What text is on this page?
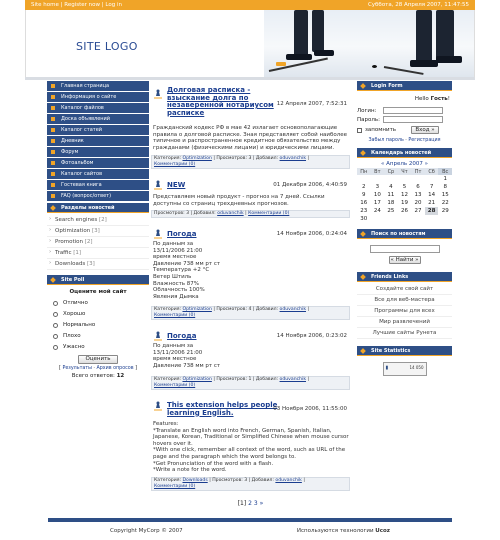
Site home | Register now | Log in	Суббота, 28 Апреля 2007, 11:47:55
SITE LOGO
Главная страница
Информация о сайте
Каталог файлов
Доска объявлений
Каталог статей
Дневник
Форум
Фотоальбом
Каталог сайтов
Гостевая книга
FAQ (вопрос/ответ)
Разделы новостей
› Search engines [2]
› Optimization [3]
› Promotion [2]
› Traffic [1]
› Downloads [3]
Site Poll
Оцените мой сайт
Отлично
Хорошо
Нормально
Плохо
Ужасно
Оценить
[ Результаты · Архив опросов ]
Всего ответов: 12
Долговая расписка - взыскание долга по незаверенной нотариусом расписке
12 Апреля 2007, 7:52:31
Гражданский кодекс РФ в мае 42 излагает основополагающие правила о долговой расписке. Зная представляет собой наиболее типичное и распространенное кредитное обязательство между гражданами (физическими лицами) и юридическими лицами.
Категория: Optimization | Просмотров: 3 | Добавил: oduvanchik |
Комментарии (0)
NEW	01 Декабря 2006, 4:40:59
Представляем новый продукт - прогноз на 7 дней. Ссылки доступны со страниц трехдневных прогнозов.
Просмотров: 3 | Добавил: oduvanchik | Комментарии (0)
Погода	14 Ноября 2006, 0:24:04
По данным за
13/11/2006 21:00
время местное
Давление 738 мм рт ст
Температура +2 °C
Ветер Штиль
Влажность 87%
Облачность 100%
Явления Дымка
Категория: Optimization | Просмотров: 4 | Добавил: oduvanchik |
Комментарии (0)
Погода	14 Ноября 2006, 0:23:02
По данным за
13/11/2006 21:00
время местное
Давление 738 мм рт ст
Категория: Optimization | Просмотров: 1 | Добавил: oduvanchik |
Комментарии (0)
This extension helps people learning English.	03 Ноября 2006, 11:55:00
Features:
*Translate an English word into French, German, Spanish, Italian, Japanese, Korean, Traditional or Simplified Chinese when mouse cursor hovers over it.
*With one click, remember all context of the word, such as URL of the page and the paragraph which the word belongs to.
*Get Pronunciation of the word with a flash.
*Write a note for the word.
Категория: Downloads | Просмотров: 3 | Добавил: oduvanchik |
Комментарии (0)
[1] 2 3 »
Login Form
Hello Гость!
Логин:
Пароль:
запомнить	Вход »
Забыл пароль · Регистрация
Календарь новостей
« Апрель 2007 »
Пн	Вт	Ср	Чт	Пт	Сб	Вс
						1
2	3	4	5	6	7	8
9	10	11	12	13	14	15
16	17	18	19	20	21	22
23	24	25	26	27	28	29
30						
Поиск по новостям
« Найти »
Friends Links
Создайте свой сайт
Все для веб-мастера
Программы для всех
Мир развлечений
Лучшие сайты Рунета
Site Statistics
▮	14 050
Copyright MyCorp © 2007	Используются технологии Ucoz
